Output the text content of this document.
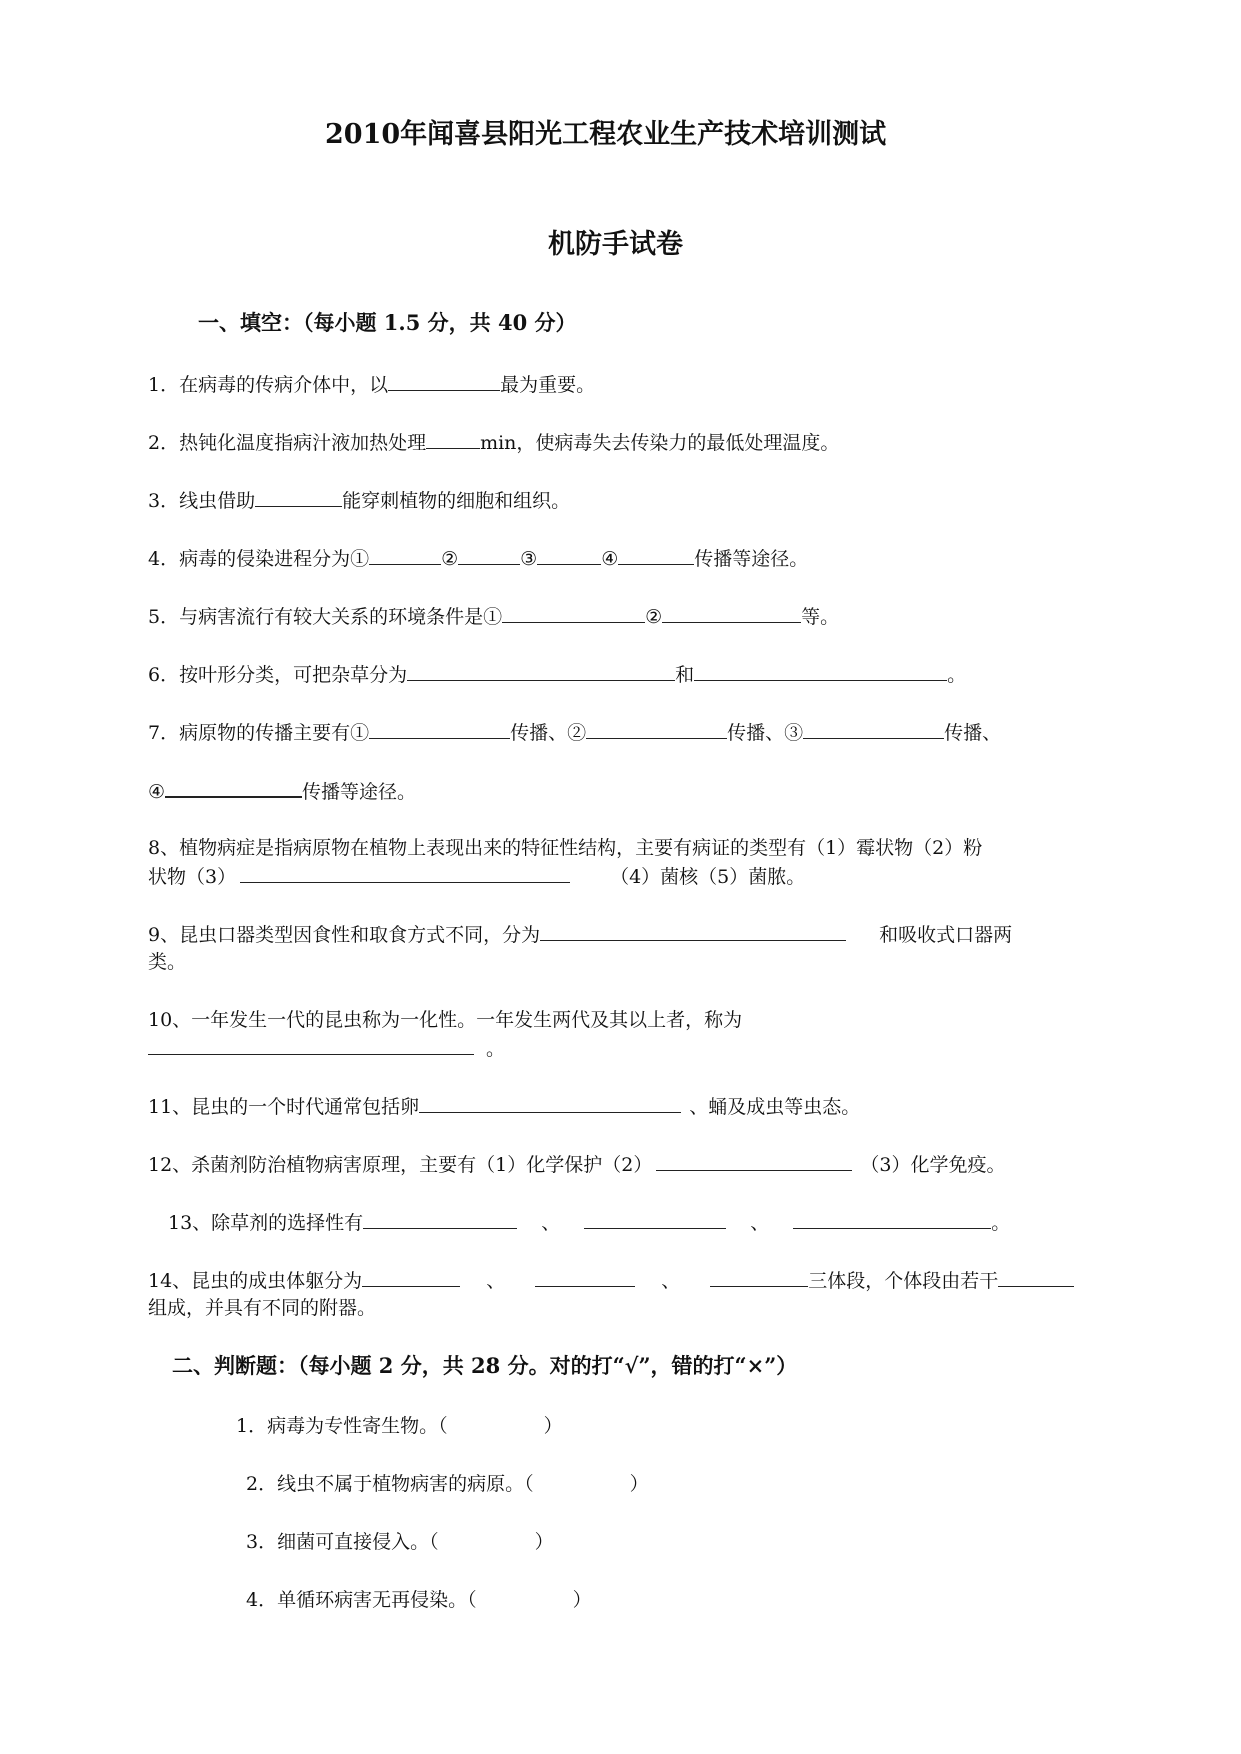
2010年闻喜县阳光工程农业生产技术培训测试
机防手试卷
一、填空：（每小题 1.5 分，共 40 分）
1．在病毒的传病介体中，以	最为重要。
2．热钝化温度指病汁液加热处理	min，使病毒失去传染力的最低处理温度。
3．线虫借助	能穿刺植物的细胞和组织。
4．病毒的侵染进程分为①	②	③	④	传播等途径。
5．与病害流行有较大关系的环境条件是①	②	等。
6．按叶形分类，可把杂草分为	和	。
7．病原物的传播主要有①	传播、②	传播、③	传播、
④	传播等途径。
8、植物病症是指病原物在植物上表现出来的特征性结构，主要有病证的类型有（1）霉状物（2）粉
状物（3）	（4）菌核（5）菌脓。
9、昆虫口器类型因食性和取食方式不同，分为	和吸收式口器两
类。
10、一年发生一代的昆虫称为一化性。一年发生两代及其以上者，称为
。
11、昆虫的一个时代通常包括卵	、蛹及成虫等虫态。
12、杀菌剂防治植物病害原理，主要有（1）化学保护（2）	（3）化学免疫。
13、除草剂的选择性有	、	、	。
14、昆虫的成虫体躯分为	、	、	三体段，个体段由若干
组成，并具有不同的附器。
二、判断题：（每小题 2 分，共 28 分。对的打“√”，错的打“×”）
1．病毒为专性寄生物。（	）
2．线虫不属于植物病害的病原。（	）
3．细菌可直接侵入。（	）
4．单循环病害无再侵染。（	）
